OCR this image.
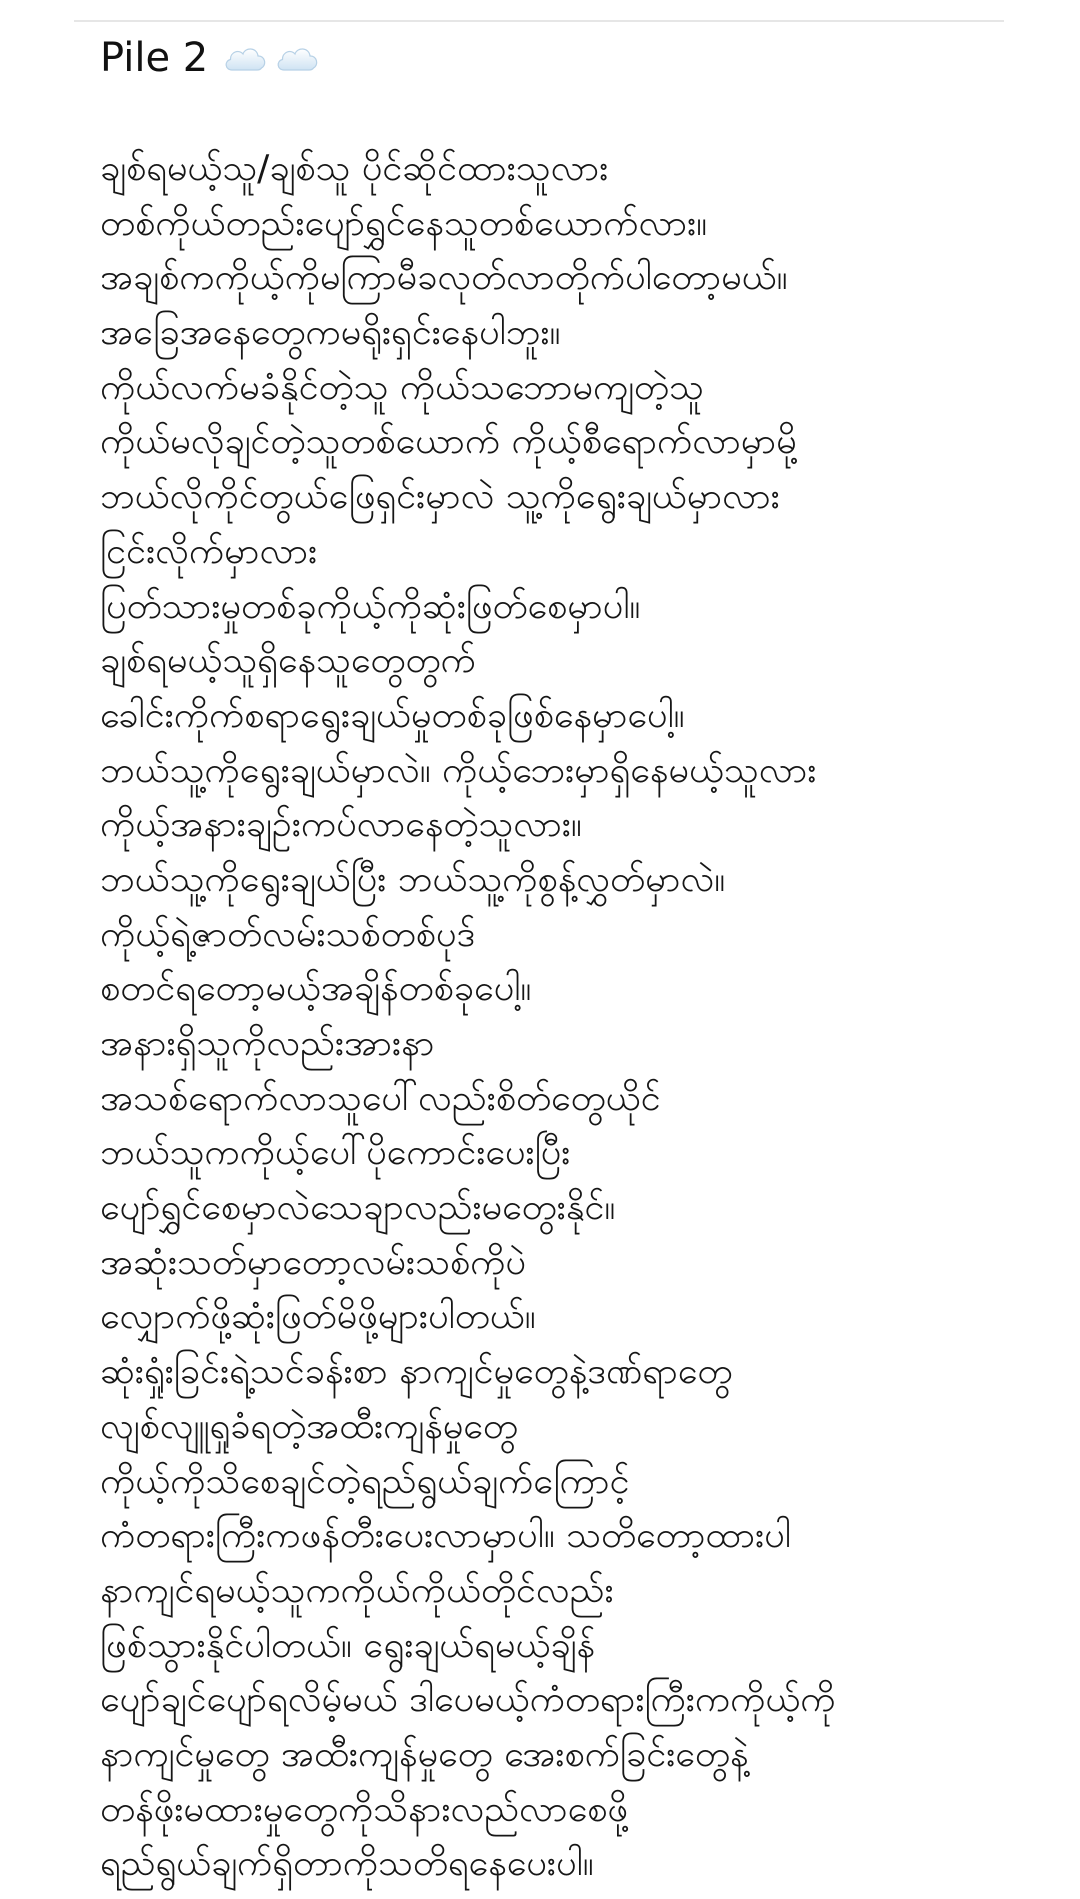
Pile 2
ချစ်ရမယ့်သူ/ချစ်သူ ပိုင်ဆိုင်ထားသူလား
တစ်ကိုယ်တည်းပျော်ရွှင်နေသူတစ်ယောက်လား။
အချစ်ကကိုယ့်ကိုမကြာမီခလုတ်လာတိုက်ပါတော့မယ်။
အခြေအနေတွေကမရိုးရှင်းနေပါဘူး။
ကိုယ်လက်မခံနိုင်တဲ့သူ ကိုယ်သဘောမကျတဲ့သူ
ကိုယ်မလိုချင်တဲ့သူတစ်ယောက် ကိုယ့်စီရောက်လာမှာမို့
ဘယ်လိုကိုင်တွယ်ဖြေရှင်းမှာလဲ သူ့ကိုရွေးချယ်မှာလား
ငြင်းလိုက်မှာလား
ပြတ်သားမှုတစ်ခုကိုယ့်ကိုဆုံးဖြတ်စေမှာပါ။
ချစ်ရမယ့်သူရှိနေသူတွေတွက်
ခေါင်းကိုက်စရာရွေးချယ်မှုတစ်ခုဖြစ်နေမှာပေါ့။
ဘယ်သူ့ကိုရွေးချယ်မှာလဲ။ ကိုယ့်ဘေးမှာရှိနေမယ့်သူလား
ကိုယ့်အနားချဉ်းကပ်လာနေတဲ့သူလား။
ဘယ်သူ့ကိုရွေးချယ်ပြီး ဘယ်သူ့ကိုစွန့်လွှတ်မှာလဲ။
ကိုယ့်ရဲ့ဇာတ်လမ်းသစ်တစ်ပုဒ်
စတင်ရတော့မယ့်အချိန်တစ်ခုပေါ့။
အနားရှိသူကိုလည်းအားနာ
အသစ်ရောက်လာသူပေါ်လည်းစိတ်တွေယိုင်
ဘယ်သူကကိုယ့်ပေါ်ပိုကောင်းပေးပြီး
ပျော်ရွှင်စေမှာလဲသေချာလည်းမတွေးနိုင်။
အဆုံးသတ်မှာတော့လမ်းသစ်ကိုပဲ
လျှောက်ဖို့ဆုံးဖြတ်မိဖို့များပါတယ်။
ဆုံးရှုံးခြင်းရဲ့သင်ခန်းစာ နာကျင်မှုတွေနဲ့ဒဏ်ရာတွေ
လျစ်လျူရှုခံရတဲ့အထီးကျန်မှုတွေ
ကိုယ့်ကိုသိစေချင်တဲ့ရည်ရွယ်ချက်ကြောင့်
ကံတရားကြီးကဖန်တီးပေးလာမှာပါ။ သတိတော့ထားပါ
နာကျင်ရမယ့်သူကကိုယ်ကိုယ်တိုင်လည်း
ဖြစ်သွားနိုင်ပါတယ်။ ရွေးချယ်ရမယ့်ချိန်
ပျော်ချင်ပျော်ရလိမ့်မယ် ဒါပေမယ့်ကံတရားကြီးကကိုယ့်ကို
နာကျင်မှုတွေ အထီးကျန်မှုတွေ အေးစက်ခြင်းတွေနဲ့
တန်ဖိုးမထားမှုတွေကိုသိနားလည်လာစေဖို့
ရည်ရွယ်ချက်ရှိတာကိုသတိရနေပေးပါ။
